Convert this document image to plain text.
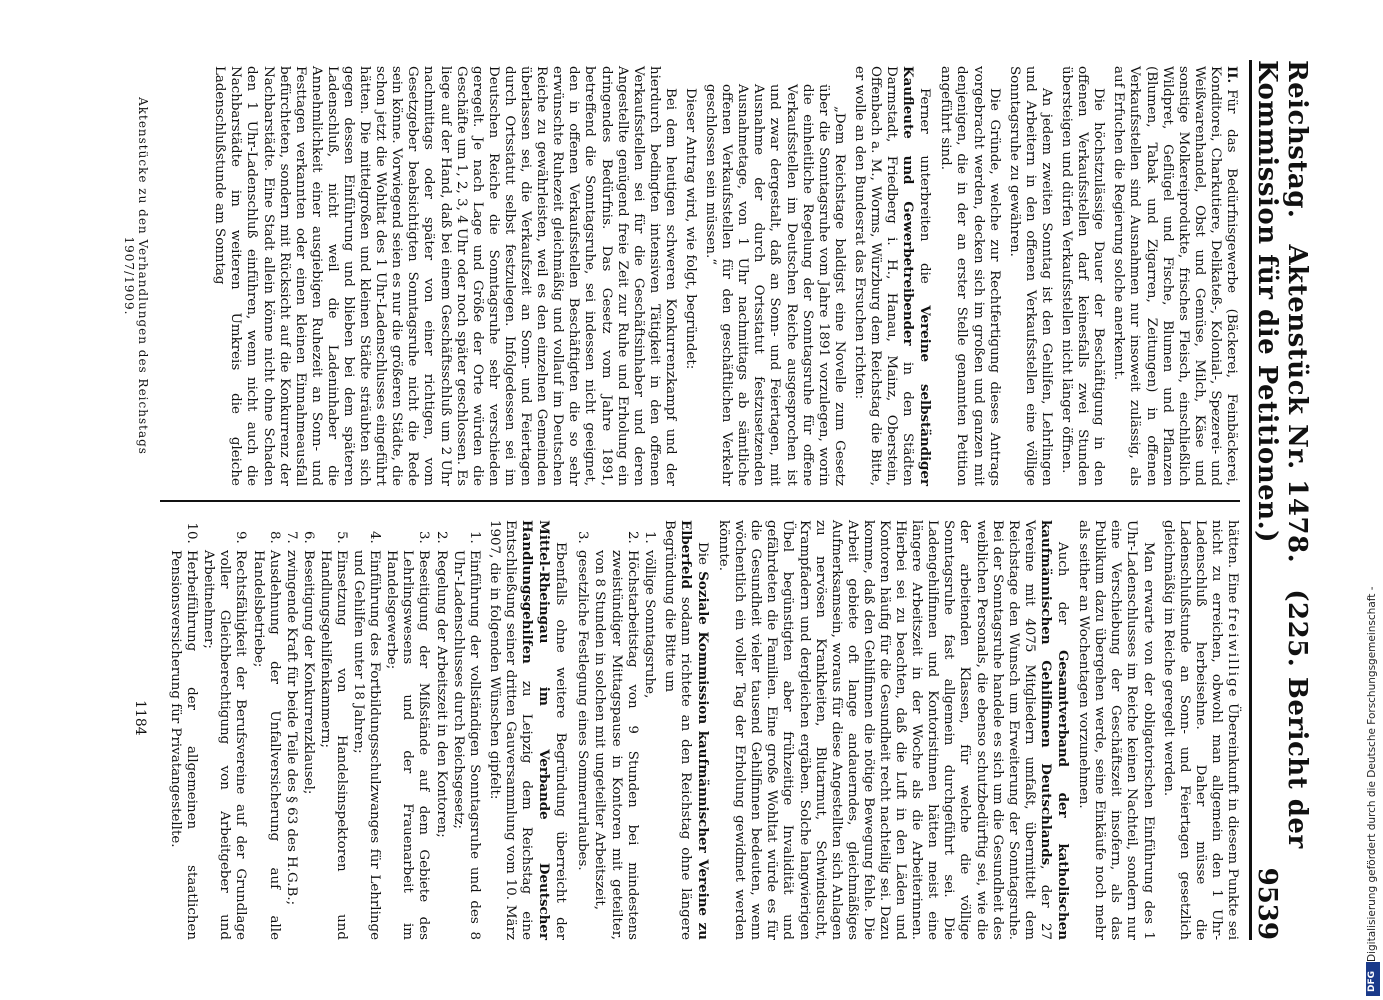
Reichstag.Aktenstück Nr. 1478.(225. Bericht der Kommission für die Petitionen.)
9539

II.Für das Bedürfnisgewerbe (Bäckerei, Feinbäckerei, Konditorei, Charkutiere, Delikateß-, Kolonial-, Spezerei- und Weißwarenhandel, Obst und Gemüse, Milch, Käse und sonstige Molkereiprodukte, frisches Fleisch, einschließlich Wildpret, Geflügel und Fische, Blumen und Pflanzen (Blumen, Tabak und Zigarren, Zeitungen) in offenen Verkaufsstellen sind Ausnahmen nur insoweit zulässig, als auf Erfuchen die Regierung solche anerkennt.

Die höchstzulässige Dauer der Beschäftigung in den offenen Verkaufsstellen darf keinesfalls zwei Stunden übersteigen und dürfen Verkaufsstellen nicht länger öffnen.

An jedem zweiten Sonntag ist den Gehilfen, Lehrlingen und Arbeitern in den offenen Verkaufsstellen eine völlige Sonntagsruhe zu gewähren.

Die Gründe, welche zur Rechtfertigung dieses Antrags vorgebracht werden, decken sich im großen und ganzen mit denjenigen, die in der an erster Stelle genannten Petition angeführt sind.

Ferner unterbreiten die Vereine selbständiger Kaufleute und Gewerbetreibender in den Städten Darmstadt, Friedberg i. H., Hanau, Mainz, Oberstein, Offenbach a. M., Worms, Würzburg dem Reichstag die Bitte, er wolle an den Bundesrat das Ersuchen richten:

„Dem Reichstage baldigst eine Novelle zum Gesetz über die Sonntagsruhe vom Jahre 1891 vorzulegen, worin die einheitliche Regelung der Sonntagsruhe für offene Verkaufsstellen im Deutschen Reiche ausgesprochen ist und zwar dergestalt, daß an Sonn- und Feiertagen, mit Ausnahme der durch Ortsstatut festzusetzenden Ausnahmetage, von 1 Uhr nachmittags ab sämtliche offenen Verkaufsstellen für den geschäftlichen Verkehr geschlossen sein müssen.“

Dieser Antrag wird, wie folgt, begründet:

Bei dem heutigen schweren Konkurrenzkampf und der hierdurch bedingten intensiven Tätigkeit in den offenen Verkaufsstellen sei für die Geschäftsinhaber und deren Angestellte genügend freie Zeit zur Ruhe und Erholung ein dringendes Bedürfnis. Das Gesetz vom Jahre 1891, betreffend die Sonntagsruhe, sei indessen nicht geeignet, den in offenen Verkaufsstellen Beschäftigten die so sehr erwünschte Ruhezeit gleichmäßig und vollauf im Deutschen Reiche zu gewährleisten, weil es den einzelnen Gemeinden überlassen sei, die Verkaufszeit an Sonn- und Feiertagen durch Ortsstatut selbst festzulegen. Infolgedessen sei im Deutschen Reiche die Sonntagsruhe sehr verschieden geregelt. Je nach Lage und Größe der Orte würden die Geschäfte um 1, 2, 3, 4 Uhr oder noch später geschlossen. Es liege auf der Hand, daß bei einem Geschäftsschluß um 2 Uhr nachmittags oder später von einer richtigen, vom Gesetzgeber beabsichtigten Sonntagsruhe nicht die Rede sein könne. Vorwiegend seien es nur die größeren Städte, die schon jetzt die Wohltat des 1 Uhr-Ladenschlusses eingeführt hätten. Die mittelgroßen und kleinen Städte sträubten sich gegen dessen Einführung und blieben bei dem späteren Ladenschluß, nicht weil die Ladeninhaber die Annehmlichkeit einer ausgiebigen Ruhezeit an Sonn- und Festtagen verkannten oder einen kleinen Einnahmeausfall befürchteten, sondern mit Rücksicht auf die Konkurrenz der Nachbarstädte. Eine Stadt allein könne nicht ohne Schaden den 1 Uhr-Ladenschluß einführen, wenn nicht auch die Nachbarstädte im weiteren Umkreis die gleiche Ladenschlußstunde am Sonntag

hätten. Eine freiwillige Übereinkunft in diesem Punkte sei nicht zu erreichen, obwohl man allgemein den 1 Uhr-Ladenschluß herbeisehne. Daher müsse die Ladenschlußstunde an Sonn- und Feiertagen gesetzlich gleichmäßig im Reiche geregelt werden.

Man erwarte von der obligatorischen Einführung des 1 Uhr-Ladenschlusses im Reiche keinen Nachteil, sondern nur eine Verschiebung der Geschäftszeit insofern, als das Publikum dazu übergehen werde, seine Einkäufe noch mehr als seither an Wochentagen vorzunehmen.

Auch der Gesamtverband der katholischen kaufmännischen Gehilfinnen Deutschlands, der 27 Vereine mit 4075 Mitgliedern umfaßt, übermittelt dem Reichstage den Wunsch um Erweiterung der Sonntagsruhe. Bei der Sonntagsruhe handele es sich um die Gesundheit des weiblichen Personals, die ebenso schutzbedürftig sei, wie die der arbeitenden Klassen, für welche die völlige Sonntagsruhe fast allgemein durchgeführt sei. Die Ladengehilfinnen und Kontoristinnen hätten meist eine längere Arbeitszeit in der Woche als die Arbeiterinnen. Hierbei sei zu beachten, daß die Luft in den Läden und Kontoren häufig für die Gesundheit recht nachteilig sei. Dazu komme, daß den Gehilfinnen die nötige Bewegung fehle. Die Arbeit gebiete oft lange andauerndes, gleichmäßiges Aufmerksamsein, woraus für diese Angestellten sich Anlagen zu nervösen Krankheiten, Blutarmut, Schwindsucht, Krampfadern und dergleichen ergäben. Solche langwierigen Übel begünstigten aber frühzeitige Invalidität und gefährdeten die Familien. Eine große Wohltat würde es für die Gesundheit vieler tausend Gehilfinnen bedeuten, wenn wöchentlich ein voller Tag der Erholung gewidmet werden könnte.

Die Soziale Kommission kaufmännischer Vereine zu Elberfeld sodann richtete an den Reichstag ohne längere Begründung die Bitte um

1. völlige Sonntagsruhe,
2. Höchstarbeitstag von 9 Stunden bei mindestens zweistündiger Mittagspause in Kontoren mit geteilter, von 8 Stunden in solchen mit ungeteilter Arbeitszeit,
3. gesetzliche Festlegung eines Sommerurlaubes.

Ebenfalls ohne weitere Begründung überreicht der Mittel-Rheingau im Verbande Deutscher Handlungsgehilfen zu Leipzig dem Reichstag eine Entschließung seiner dritten Gauversammlung vom 10. März 1907, die in folgenden Wünschen gipfelt:

1. Einführung der vollständigen Sonntagsruhe und des 8 Uhr-Ladenschlusses durch Reichsgesetz;
2. Regelung der Arbeitszeit in den Kontoren;
3. Beseitigung der Mißstände auf dem Gebiete des Lehrlingswesens und der Frauenarbeit im Handelsgewerbe;
4. Einführung des Fortbildungsschulzwanges für Lehrlinge und Gehilfen unter 18 Jahren;
5. Einsetzung von Handelsinspektoren und Handlungsgehilfenkammern;
6. Beseitigung der Konkurrenzklausel;
7. zwingende Kraft für beide Teile des § 63 des H.G.B.;
8. Ausdehnung der Unfallversicherung auf alle Handelsbetriebe;
9. Rechtsfähigkeit der Berufsvereine auf der Grundlage voller Gleichberechtigung von Arbeitgeber und Arbeitnehmer;
10. Herbeiführung der allgemeinen staatlichen Pensionsversicherung für Privatangestellte.
Aktenstücke zu den Verhandlungen des Reichstags 1907/1909.
1184	Digitalisierung gefördert durch die Deutsche Forschungsgemeinschaft -
DFG
